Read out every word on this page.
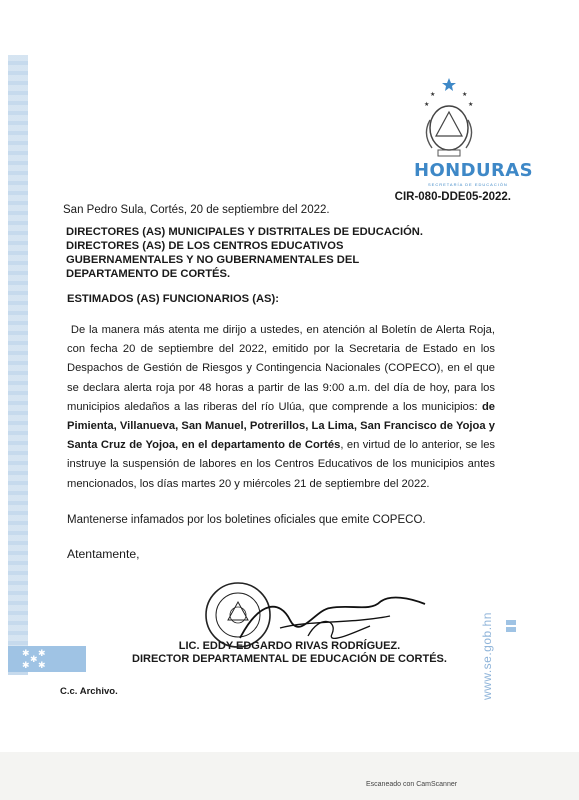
✱ ✱
✱
✱ ✱	www.se.gob.hn
★	★
★	★
HONDURAS
SECRETARÍA DE EDUCACIÓN
CIR-080-DDE05-2022.
San Pedro Sula, Cortés, 20 de septiembre del 2022.
DIRECTORES (AS) MUNICIPALES Y DISTRITALES DE EDUCACIÓN.
DIRECTORES (AS) DE LOS CENTROS EDUCATIVOS
GUBERNAMENTALES Y NO GUBERNAMENTALES DEL
DEPARTAMENTO DE CORTÉS.
ESTIMADOS (AS) FUNCIONARIOS (AS):
De la manera más atenta me dirijo a ustedes, en atención al Boletín de Alerta Roja, con fecha 20 de septiembre del 2022, emitido por la Secretaria de Estado en los Despachos de Gestión de Riesgos y Contingencia Nacionales (COPECO), en el que se declara alerta roja por 48 horas a partir de las 9:00 a.m. del día de hoy, para los municipios aledaños a las riberas del río Ulúa, que comprende a los municipios: de Pimienta, Villanueva, San Manuel, Potrerillos, La Lima, San Francisco de Yojoa y Santa Cruz de Yojoa, en el departamento de Cortés, en virtud de lo anterior, se les instruye la suspensión de labores en los Centros Educativos de los municipios antes mencionados, los días martes 20 y miércoles 21 de septiembre del 2022.
Mantenerse infamados por los boletines oficiales que emite COPECO.
Atentamente,
LIC. EDDY EDGARDO RIVAS RODRÍGUEZ.
DIRECTOR DEPARTAMENTAL DE EDUCACIÓN DE CORTÉS.
C.c. Archivo.
Escaneado con CamScanner
